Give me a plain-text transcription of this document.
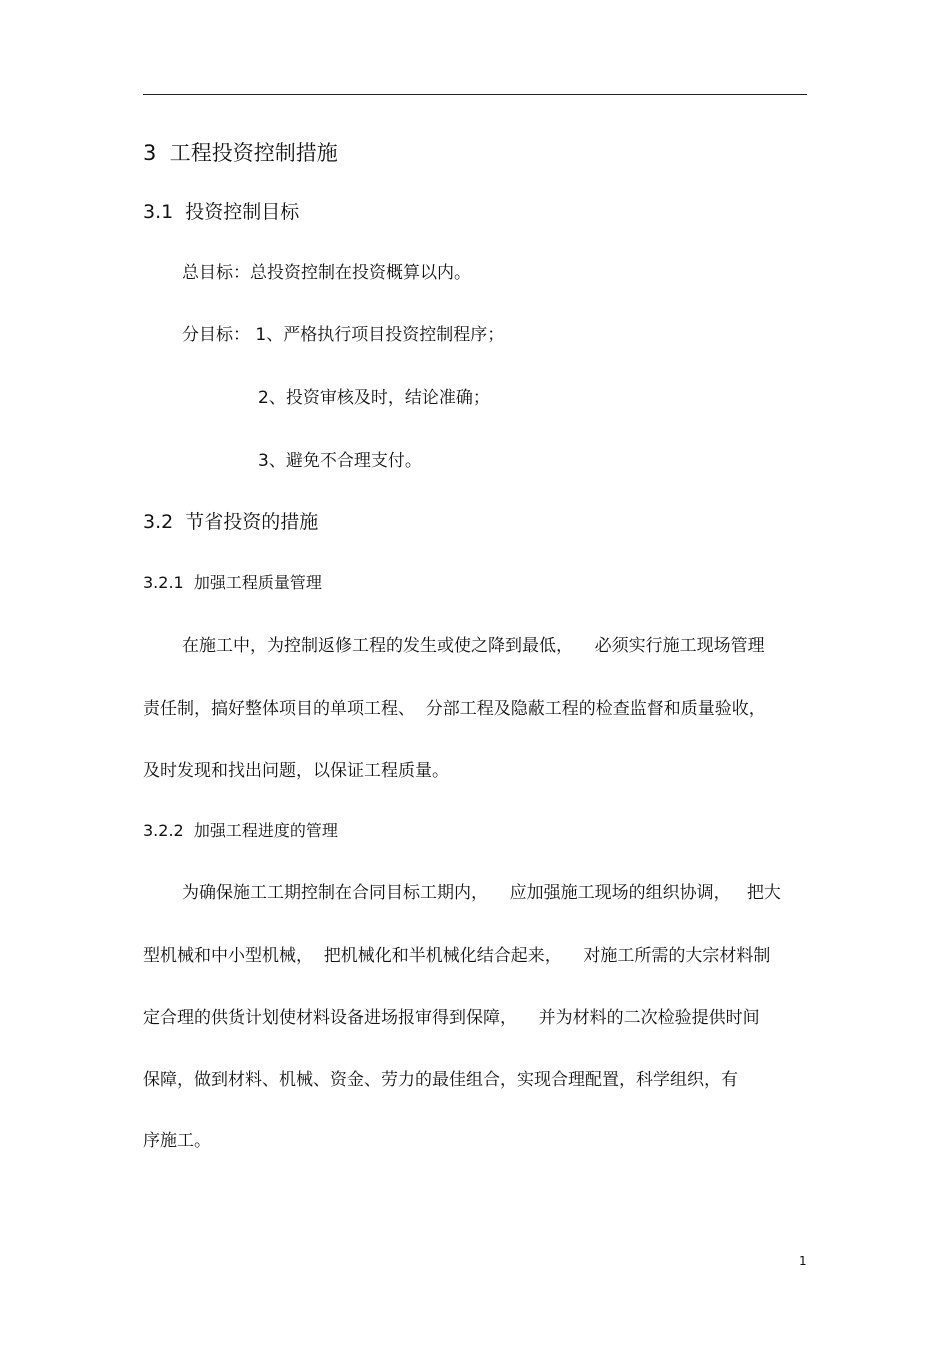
3  工程投资控制措施
3.1  投资控制目标
总目标：总投资控制在投资概算以内。
分目标： 1、严格执行项目投资控制程序；
2、投资审核及时，结论准确；
3、避免不合理支付。
3.2  节省投资的措施
3.2.1  加强工程质量管理
在施工中，为控制返修工程的发生或使之降到最低，    必须实行施工现场管理
责任制，搞好整体项目的单项工程、  分部工程及隐蔽工程的检查监督和质量验收，
及时发现和找出问题，以保证工程质量。
3.2.2  加强工程进度的管理
为确保施工工期控制在合同目标工期内，    应加强施工现场的组织协调，   把大
型机械和中小型机械，  把机械化和半机械化结合起来，    对施工所需的大宗材料制
定合理的供货计划使材料设备进场报审得到保障，    并为材料的二次检验提供时间
保障，做到材料、机械、资金、劳力的最佳组合，实现合理配置，科学组织，有
序施工。
1
